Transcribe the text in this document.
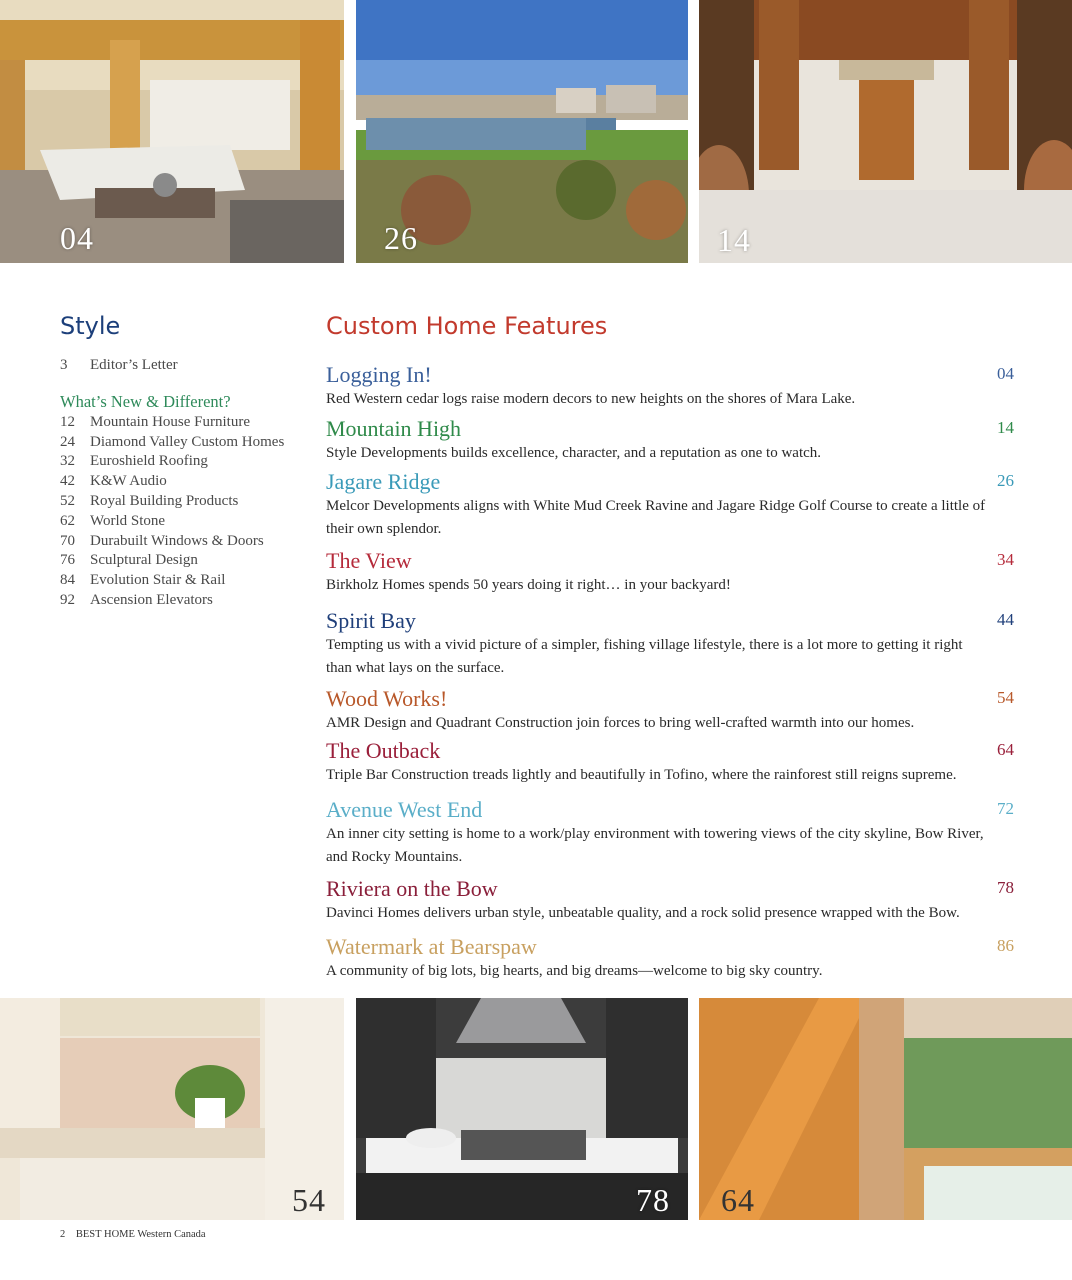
04	26	14
Style
3	Editor’s Letter
What’s New & Different?
12	Mountain House Furniture
24	Diamond Valley Custom Homes
32	Euroshield Roofing
42	K&W Audio
52	Royal Building Products
62	World Stone
70	Durabuilt Windows & Doors
76	Sculptural Design
84	Evolution Stair & Rail
92	Ascension Elevators
Custom Home Features
Logging In!	04
Red Western cedar logs raise modern decors to new heights on the shores of Mara Lake.
Mountain High	14
Style Developments builds excellence, character, and a reputation as one to watch.
Jagare Ridge	26
Melcor Developments aligns with White Mud Creek Ravine and Jagare Ridge Golf Course to create a little of their own splendor.
The View	34
Birkholz Homes spends 50 years doing it right… in your backyard!
Spirit Bay	44
Tempting us with a vivid picture of a simpler, fishing village lifestyle, there is a lot more to getting it right than what lays on the surface.
Wood Works!	54
AMR Design and Quadrant Construction join forces to bring well-crafted warmth into our homes.
The Outback	64
Triple Bar Construction treads lightly and beautifully in Tofino, where the rainforest still reigns supreme.
Avenue West End	72
An inner city setting is home to a work/play environment with towering views of the city skyline, Bow River, and Rocky Mountains.
Riviera on the Bow	78
Davinci Homes delivers urban style, unbeatable quality, and a rock solid presence wrapped with the Bow.
Watermark at Bearspaw	86
A community of big lots, big hearts, and big dreams—welcome to big sky country.
54	78 64
2 BEST HOME Western Canada
